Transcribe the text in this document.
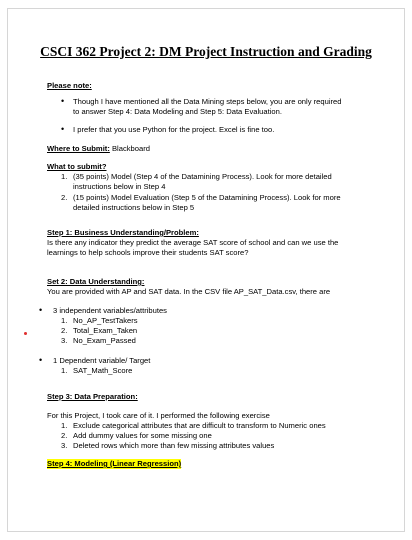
CSCI 362 Project 2: DM Project Instruction and Grading
Please note:
• Though I have mentioned all the Data Mining steps below, you are only required
to answer Step 4: Data Modeling and Step 5: Data Evaluation.
• I prefer that you use Python for the project. Excel is fine too.
Where to Submit: Blackboard
What to submit?
1. (35 points) Model (Step 4 of the Datamining Process). Look for more detailed
instructions below in Step 4
2. (15 points) Model Evaluation (Step 5 of the Datamining Process). Look for more
detailed instructions below in Step 5
Step 1: Business Understanding/Problem:
Is there any indicator they predict the average SAT score of school and can we use the
learnings to help schools improve their students SAT score?
Set 2: Data Understanding:
You are provided with AP and SAT data. In the CSV file AP_SAT_Data.csv, there are
• 3 independent variables/attributes
1. No_AP_TestTakers
2. Total_Exam_Taken
3. No_Exam_Passed
• 1 Dependent variable/ Target
1. SAT_Math_Score
Step 3: Data Preparation:
For this Project, I took care of it. I performed the following exercise
1. Exclude categorical attributes that are difficult to transform to Numeric ones
2. Add dummy values for some missing one
3. Deleted rows which more than few missing attributes values
Step 4: Modeling (Linear Regression)
